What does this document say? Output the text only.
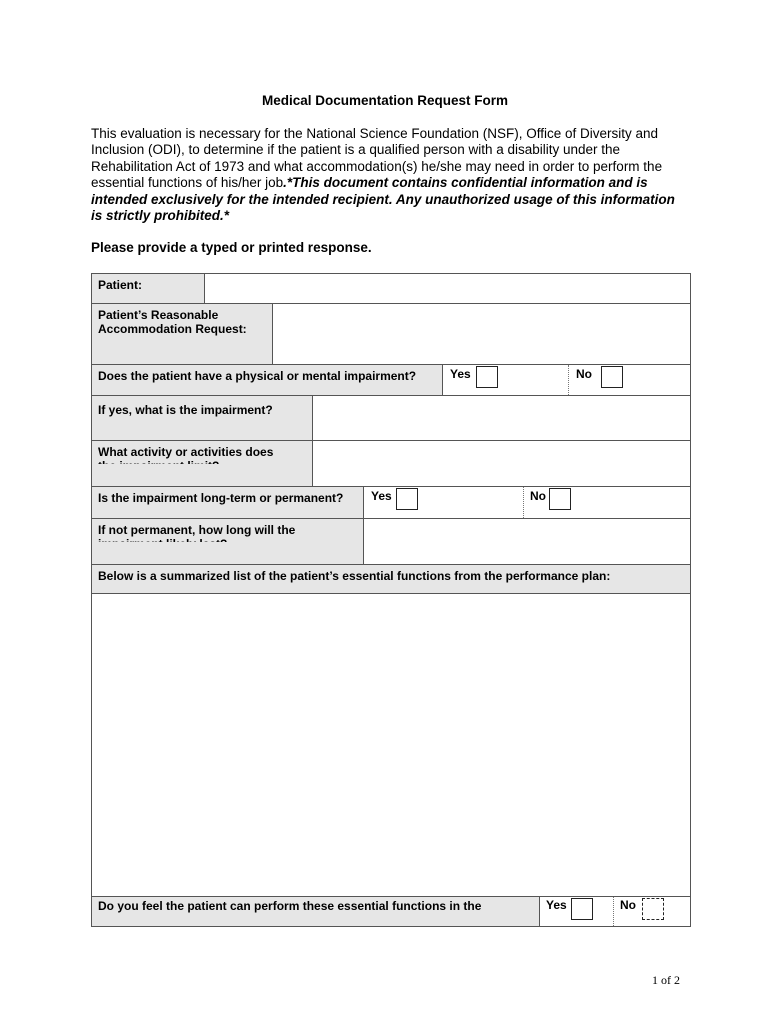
Medical Documentation Request Form
This evaluation is necessary for the National Science Foundation (NSF), Office of Diversity and Inclusion (ODI), to determine if the patient is a qualified person with a disability under the Rehabilitation Act of 1973 and what accommodation(s) he/she may need in order to perform the essential functions of his/her job.*This document contains confidential information and is intended exclusively for the intended recipient. Any unauthorized usage of this information is strictly prohibited.*
Please provide a typed or printed response.
Patient:
Patient’s Reasonable
Accommodation Request:
Does the patient have a physical or mental impairment?	Yes	No
If yes, what is the impairment?
What activity or activities does
Is the impairment long-term or permanent?	Yes	No
If not permanent, how long will the
Below is a summarized list of the patient’s essential functions from the performance plan:
Do you feel the patient can perform these essential functions in the	Yes	No
1 of 2
